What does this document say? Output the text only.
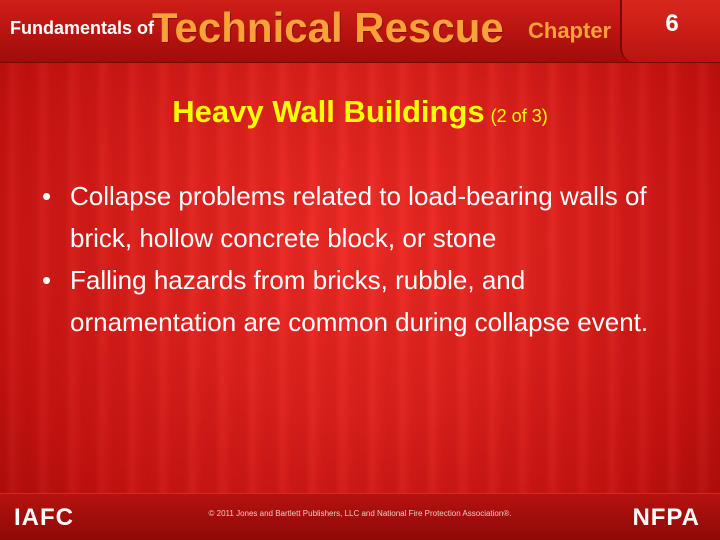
Fundamentals of
Technical Rescue Chapter	6
Heavy Wall Buildings (2 of 3)
• Collapse problems related to load-bearing walls of brick, hollow concrete block, or stone
• Falling hazards from bricks, rubble, and ornamentation are common during collapse event.
IAFC	© 2011 Jones and Bartlett Publishers, LLC and National Fire Protection Association®.	NFPA
